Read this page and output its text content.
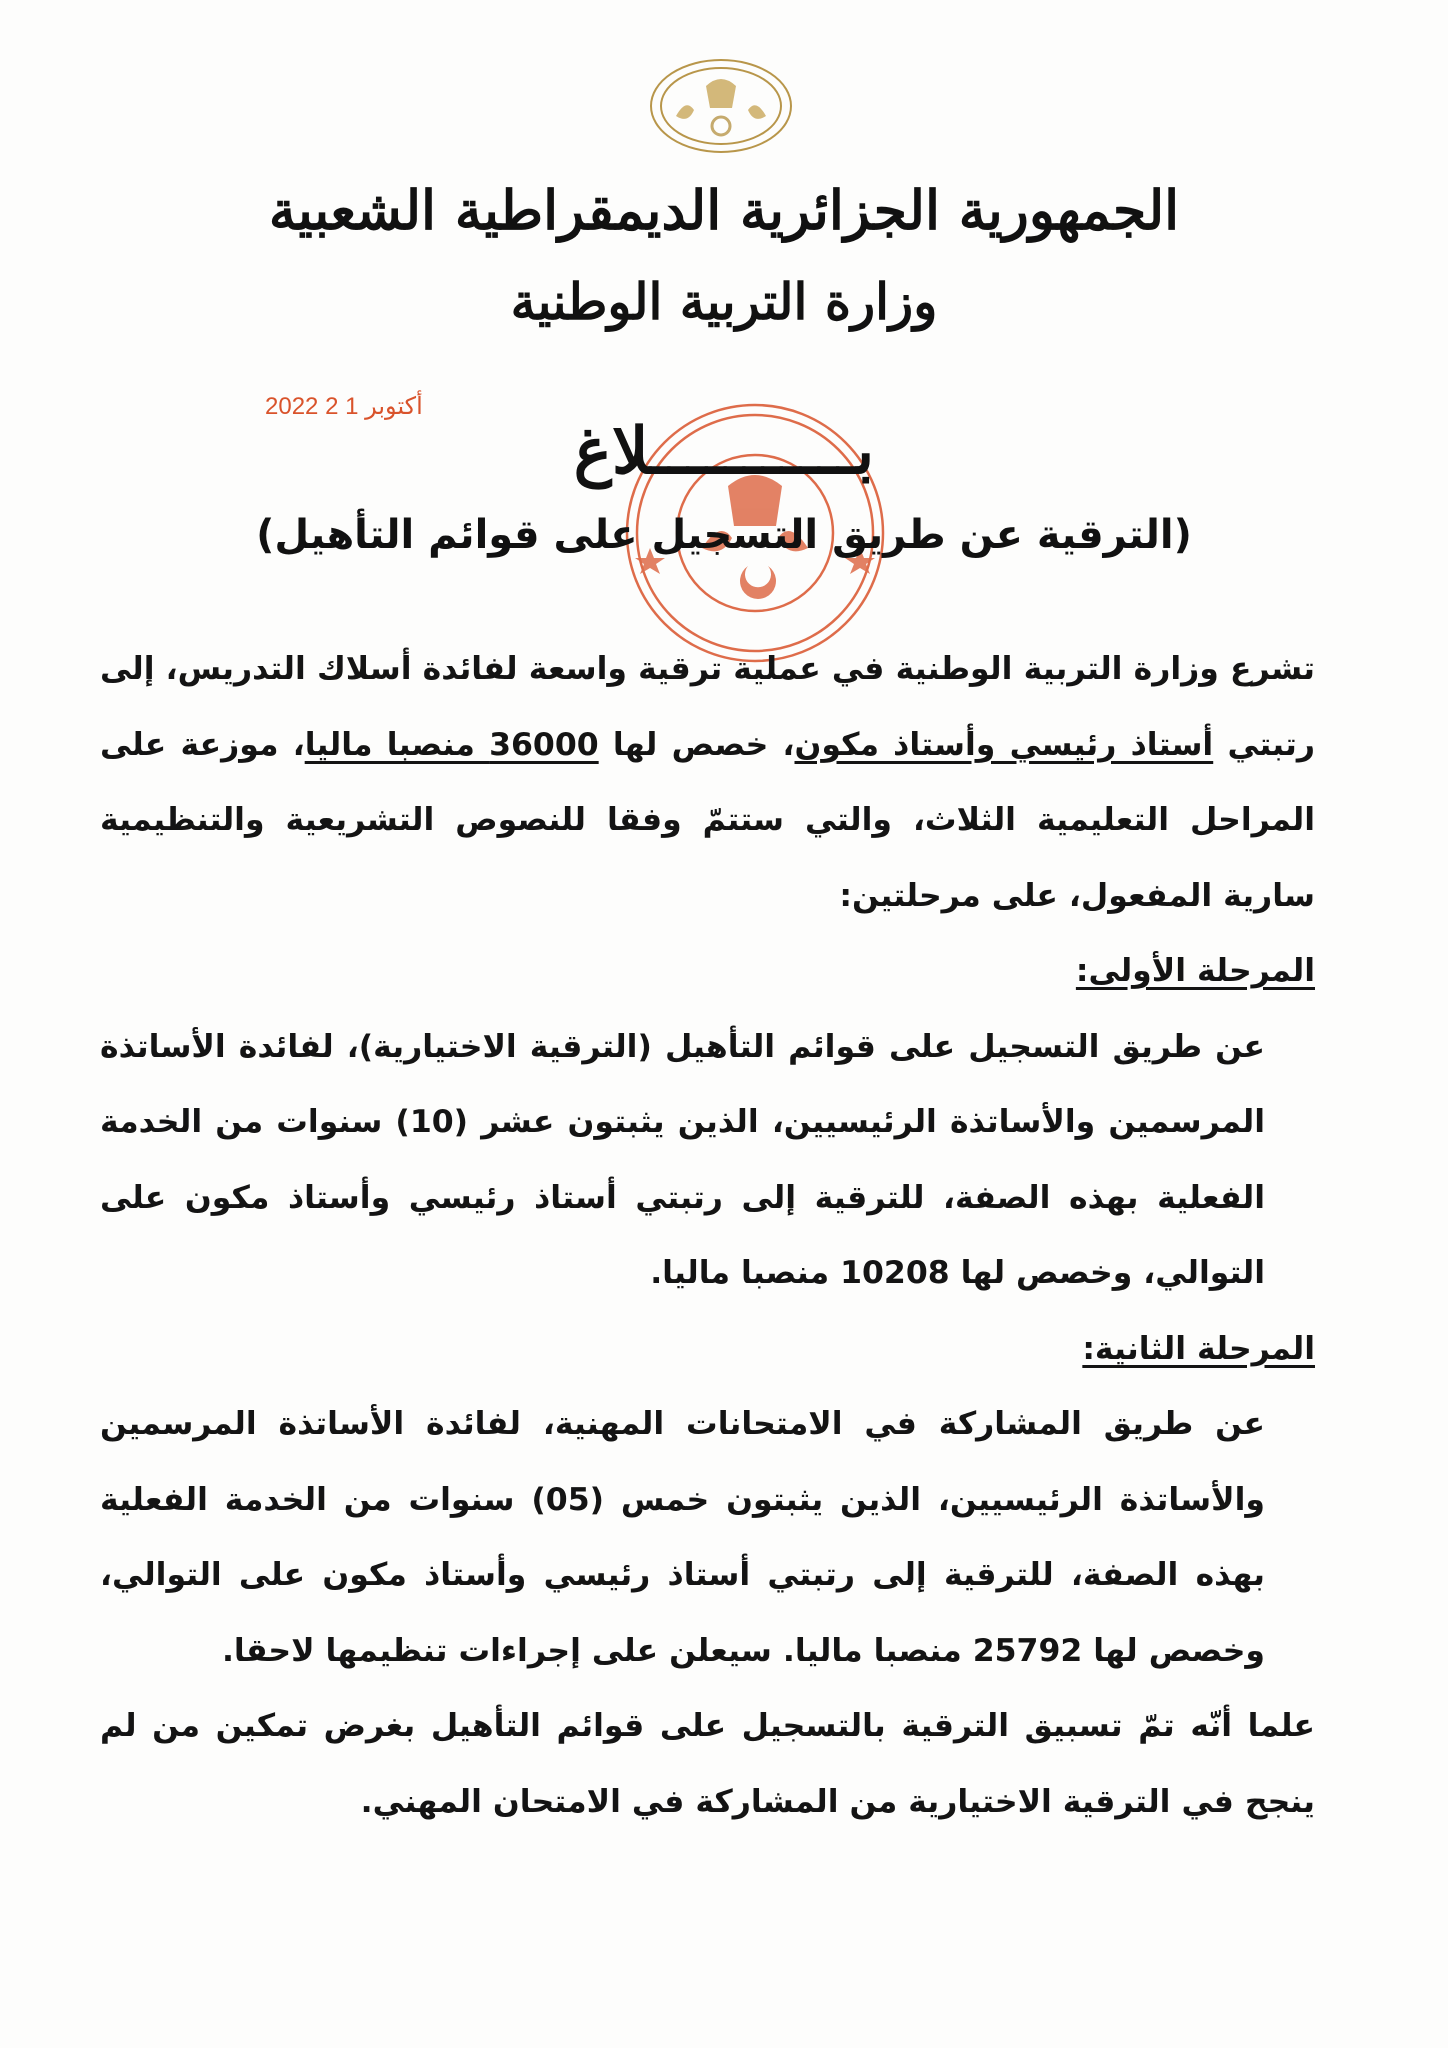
الجمهورية الجزائرية الديمقراطية الشعبية
وزارة التربية الوطنية
2022 أكتوبر 1 2
بـــــــــــلاغ
(الترقية عن طريق التسجيل على قوائم التأهيل)

تشرع وزارة التربية الوطنية في عملية ترقية واسعة لفائدة أسلاك التدريس، إلى رتبتي أستاذ رئيسي وأستاذ مكون، خصص لها 36000 منصبا ماليا، موزعة على المراحل التعليمية الثلاث، والتي ستتمّ وفقا للنصوص التشريعية والتنظيمية سارية المفعول، على مرحلتين:

المرحلة الأولى:

عن طريق التسجيل على قوائم التأهيل (الترقية الاختيارية)، لفائدة الأساتذة المرسمين والأساتذة الرئيسيين، الذين يثبتون عشر (10) سنوات من الخدمة الفعلية بهذه الصفة، للترقية إلى رتبتي أستاذ رئيسي وأستاذ مكون على التوالي، وخصص لها 10208 منصبا ماليا.

المرحلة الثانية:

عن طريق المشاركة في الامتحانات المهنية، لفائدة الأساتذة المرسمين والأساتذة الرئيسيين، الذين يثبتون خمس (05) سنوات من الخدمة الفعلية بهذه الصفة، للترقية إلى رتبتي أستاذ رئيسي وأستاذ مكون على التوالي، وخصص لها 25792 منصبا ماليا. سيعلن على إجراءات تنظيمها لاحقا.

علما أنّه تمّ تسبيق الترقية بالتسجيل على قوائم التأهيل بغرض تمكين من لم ينجح في الترقية الاختيارية من المشاركة في الامتحان المهني.
